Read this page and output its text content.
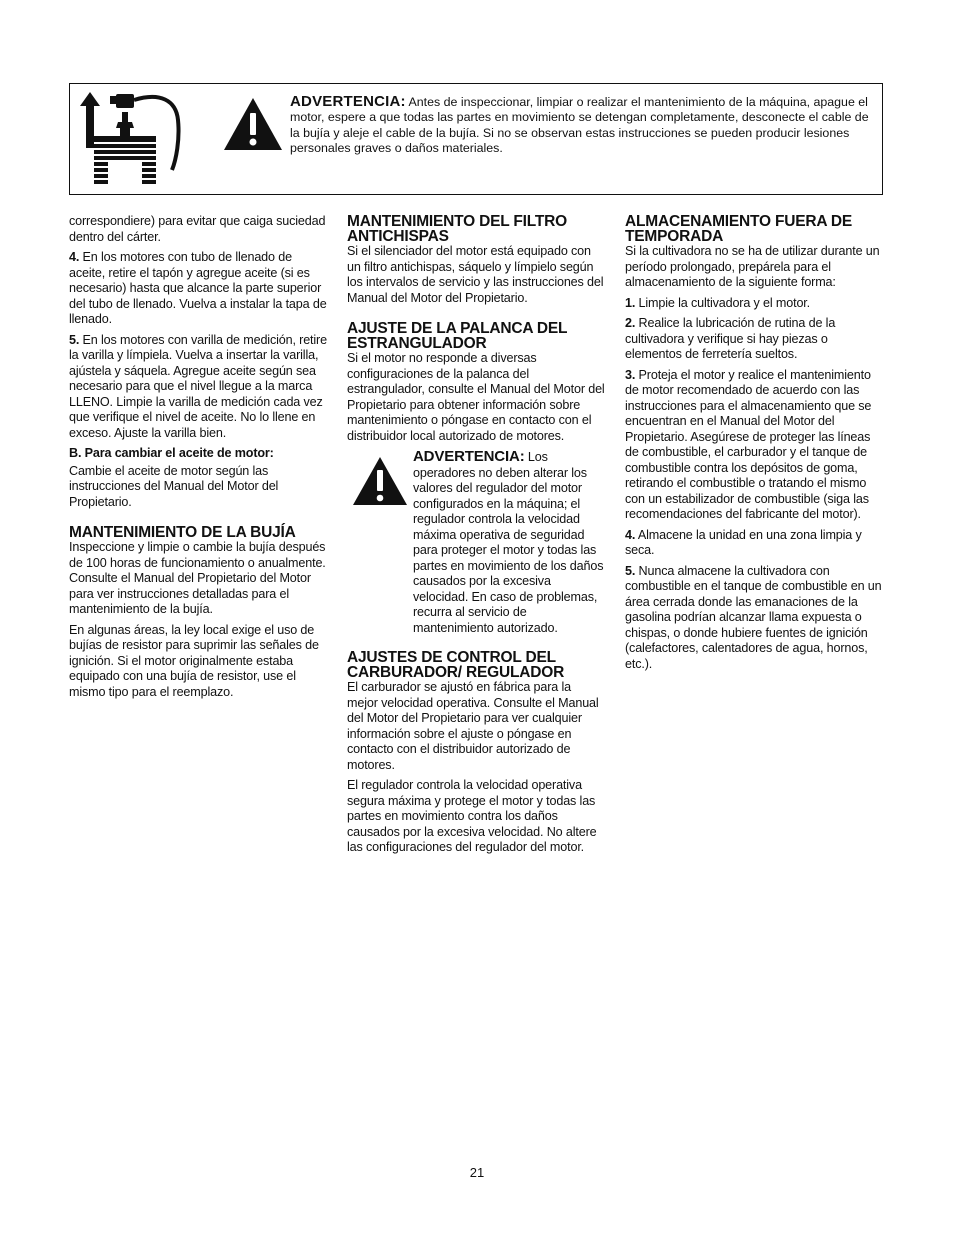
ADVERTENCIA: Antes de inspeccionar, limpiar o realizar el mantenimiento de la máquina, apague el motor, espere a que todas las partes en movimiento se detengan completamente, desconecte el cable de la bujía y aleje el cable de la bujía. Si no se observan estas instrucciones se pueden producir lesiones personales graves o daños materiales.

correspondiere) para evitar que caiga suciedad dentro del cárter.

4. En los motores con tubo de llenado de aceite, retire el tapón y agregue aceite (si es necesario) hasta que alcance la parte superior del tubo de llenado. Vuelva a instalar la tapa de llenado.

5. En los motores con varilla de medición, retire la varilla y límpiela. Vuelva a insertar la varilla, ajústela y sáquela. Agregue aceite según sea necesario para que el nivel llegue a la marca LLENO. Limpie la varilla de medición cada vez que verifique el nivel de aceite. No lo llene en exceso. Ajuste la varilla bien.

B. Para cambiar el aceite de motor:

Cambie el aceite de motor según las instrucciones del Manual del Motor del Propietario.

MANTENIMIENTO DE LA BUJÍA

Inspeccione y limpie o cambie la bujía después de 100 horas de funcionamiento o anualmente. Consulte el Manual del Propietario del Motor para ver instrucciones detalladas para el mantenimiento de la bujía.

En algunas áreas, la ley local exige el uso de bujías de resistor para suprimir las señales de ignición. Si el motor originalmente estaba equipado con una bujía de resistor, use el mismo tipo para el reemplazo.

MANTENIMIENTO DEL FILTRO ANTICHISPAS

Si el silenciador del motor está equipado con un filtro antichispas, sáquelo y límpielo según los intervalos de servicio y las instrucciones del Manual del Motor del Propietario.

AJUSTE DE LA PALANCA DEL ESTRANGULADOR

Si el motor no responde a diversas configuraciones de la palanca del estrangulador, consulte el Manual del Motor del Propietario para obtener información sobre mantenimiento o póngase en contacto con el distribuidor local autorizado de motores.

ADVERTENCIA: Los operadores no deben alterar los valores del regulador del motor configurados en la máquina; el regulador controla la velocidad máxima operativa de seguridad para proteger el motor y todas las partes en movimiento de los daños causados por la excesiva velocidad. En caso de problemas, recurra al servicio de mantenimiento autorizado.
AJUSTES DE CONTROL DEL CARBURADOR/ REGULADOR

El carburador se ajustó en fábrica para la mejor velocidad operativa. Consulte el Manual del Motor del Propietario para ver cualquier información sobre el ajuste o póngase en contacto con el distribuidor autorizado de motores.

El regulador controla la velocidad operativa segura máxima y protege el motor y todas las partes en movimiento contra los daños causados por la excesiva velocidad. No altere las configuraciones del regulador del motor.

ALMACENAMIENTO FUERA DE TEMPORADA

Si la cultivadora no se ha de utilizar durante un período prolongado, prepárela para el almacenamiento de la siguiente forma:

1. Limpie la cultivadora y el motor.

2. Realice la lubricación de rutina de la cultivadora y verifique si hay piezas o elementos de ferretería sueltos.

3. Proteja el motor y realice el mantenimiento de motor recomendado de acuerdo con las instrucciones para el almacenamiento que se encuentran en el Manual del Motor del Propietario. Asegúrese de proteger las líneas de combustible, el carburador y el tanque de combustible contra los depósitos de goma, retirando el combustible o tratando el mismo con un estabilizador de combustible (siga las recomendaciones del fabricante del motor).

4. Almacene la unidad en una zona limpia y seca.

5. Nunca almacene la cultivadora con combustible en el tanque de combustible en un área cerrada donde las emanaciones de la gasolina podrían alcanzar llama expuesta o chispas, o donde hubiere fuentes de ignición (calefactores, calentadores de agua, hornos, etc.).

21
